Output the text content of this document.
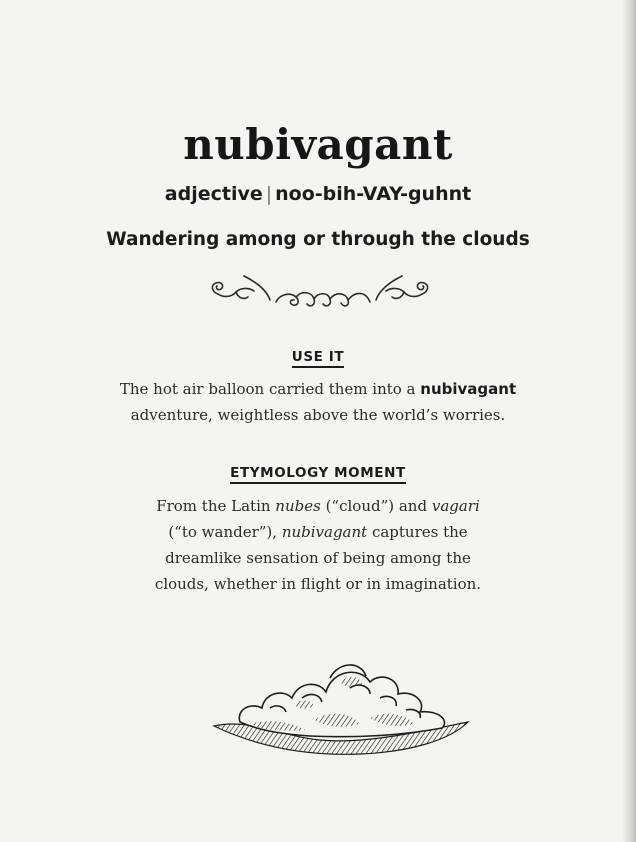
nubivagant
adjective | noo-bih-VAY-guhnt
Wandering among or through the clouds
USE IT
The hot air balloon carried them into a nubivagant
adventure, weightless above the world’s worries.
ETYMOLOGY MOMENT
From the Latin nubes (“cloud”) and vagari
(“to wander”), nubivagant captures the
dreamlike sensation of being among the
clouds, whether in flight or in imagination.
